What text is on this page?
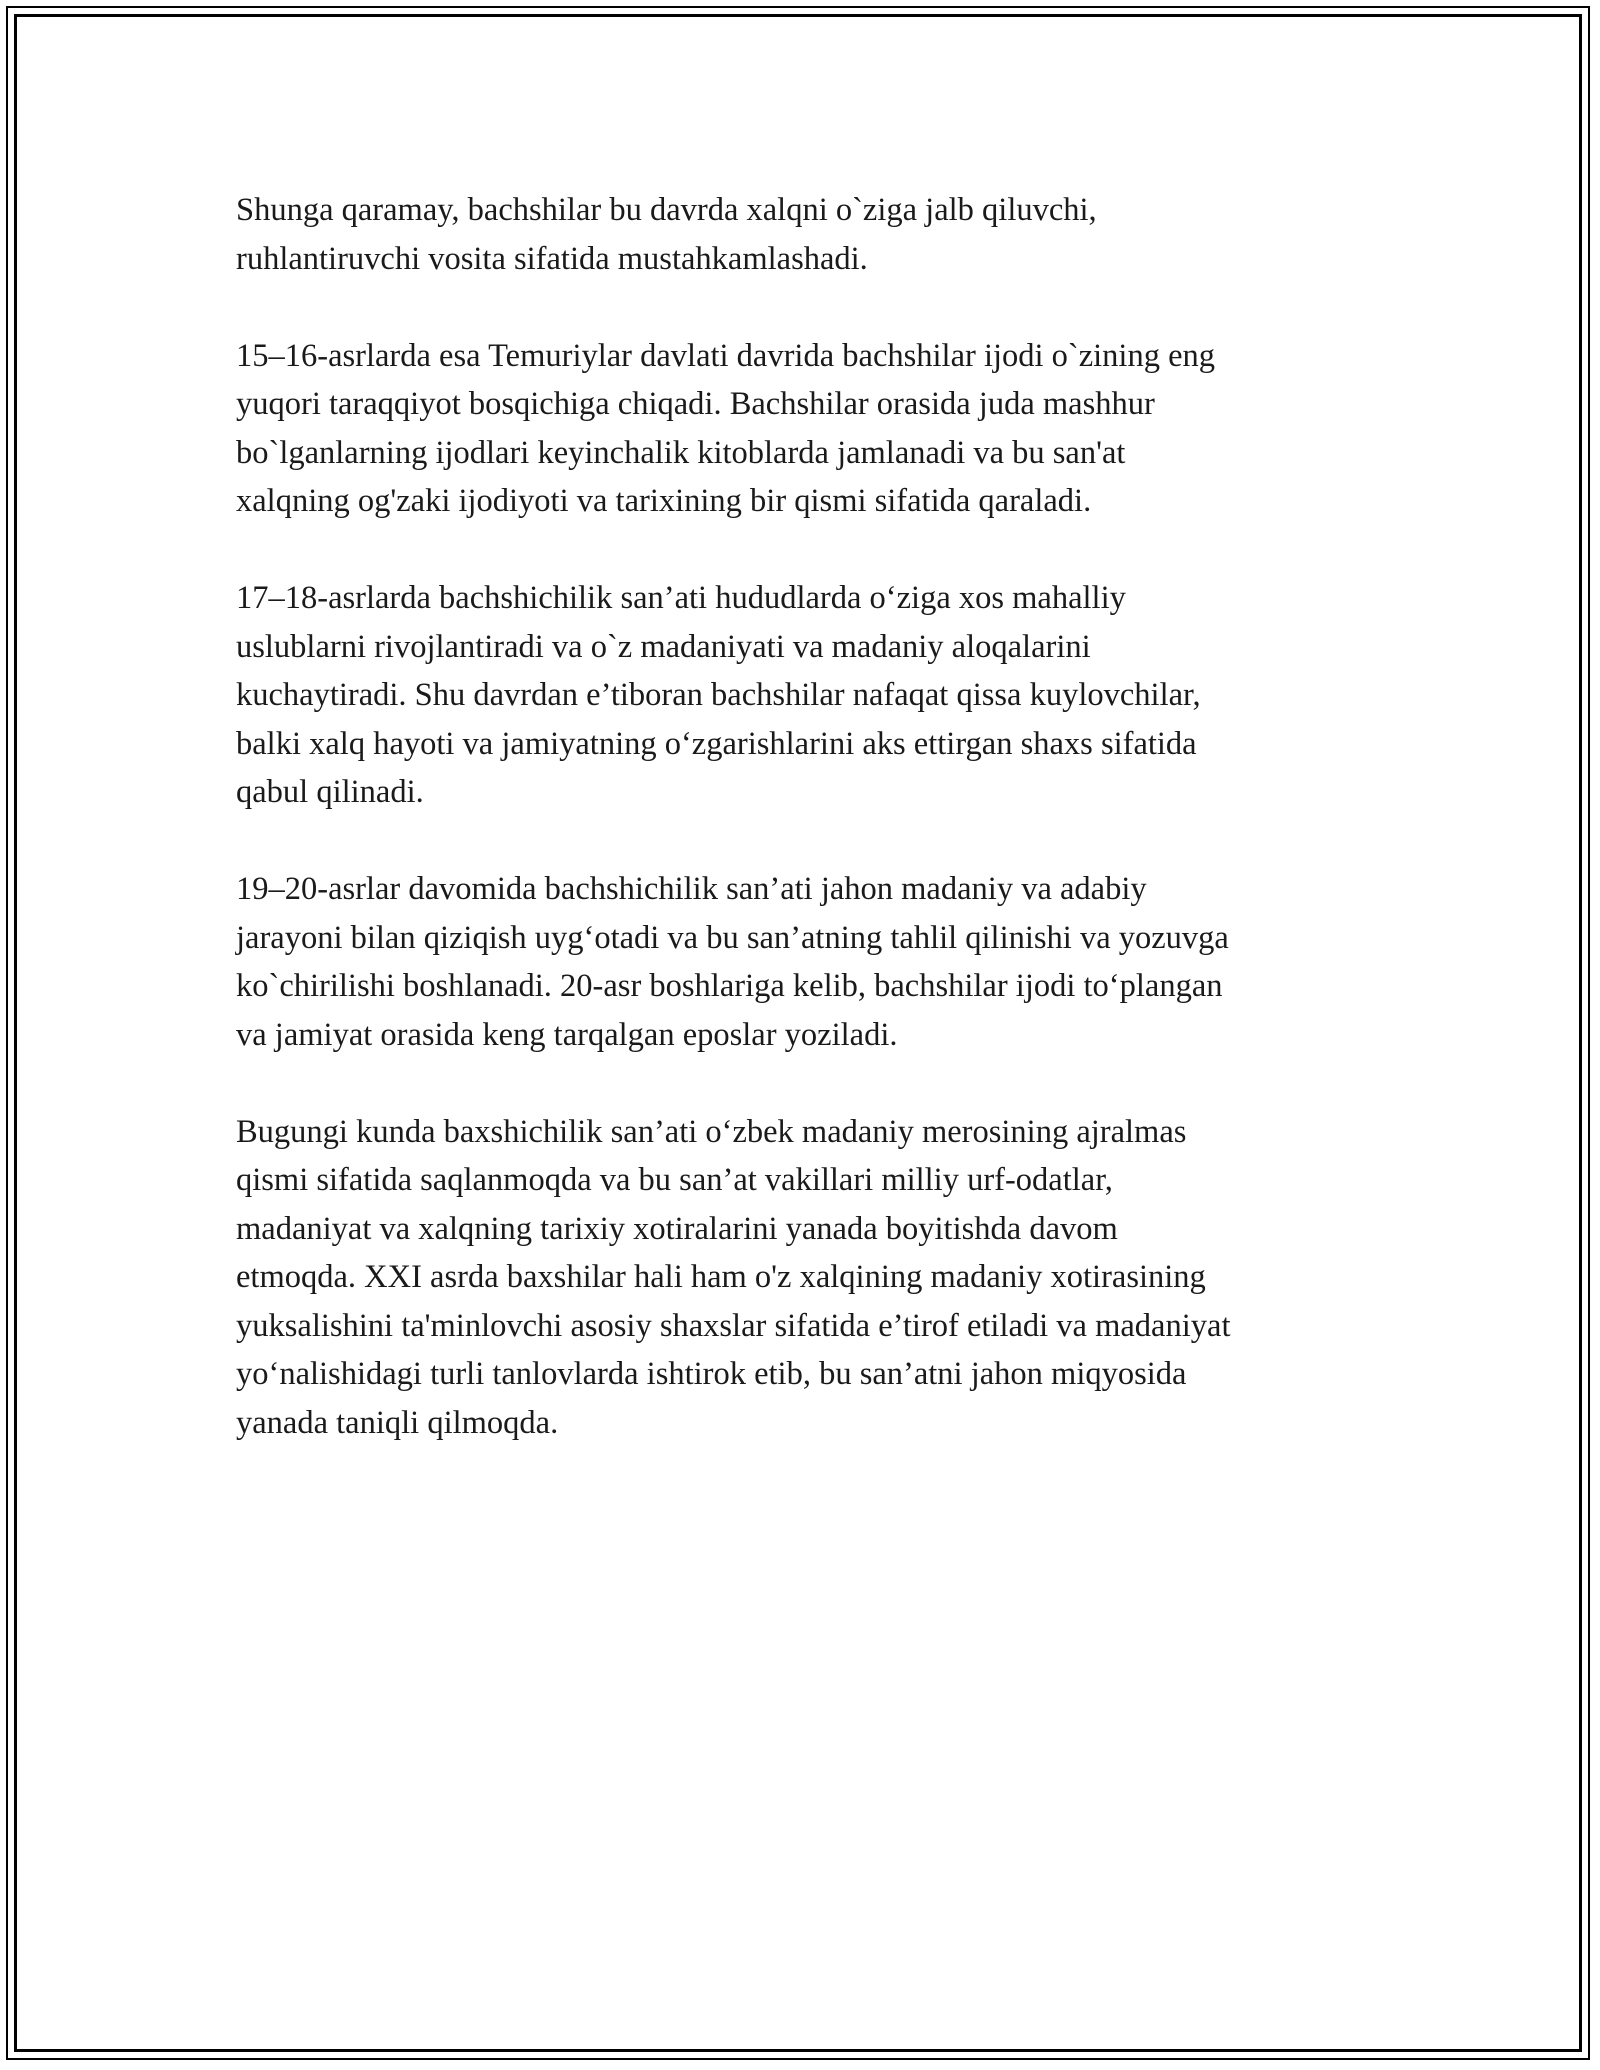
Shunga qaramay, bachshilar bu davrda xalqni o`ziga jalb qiluvchi,
ruhlantiruvchi vosita sifatida mustahkamlashadi.

15–16-asrlarda esa Temuriylar davlati davrida bachshilar ijodi o`zining eng
yuqori taraqqiyot bosqichiga chiqadi. Bachshilar orasida juda mashhur
bo`lganlarning ijodlari keyinchalik kitoblarda jamlanadi va bu san'at
xalqning og'zaki ijodiyoti va tarixining bir qismi sifatida qaraladi.

17–18-asrlarda bachshichilik san’ati hududlarda o‘ziga xos mahalliy
uslublarni rivojlantiradi va o`z madaniyati va madaniy aloqalarini
kuchaytiradi. Shu davrdan e’tiboran bachshilar nafaqat qissa kuylovchilar,
balki xalq hayoti va jamiyatning o‘zgarishlarini aks ettirgan shaxs sifatida
qabul qilinadi.

19–20-asrlar davomida bachshichilik san’ati jahon madaniy va adabiy
jarayoni bilan qiziqish uyg‘otadi va bu san’atning tahlil qilinishi va yozuvga
ko`chirilishi boshlanadi. 20-asr boshlariga kelib, bachshilar ijodi to‘plangan
va jamiyat orasida keng tarqalgan eposlar yoziladi.

Bugungi kunda baxshichilik san’ati o‘zbek madaniy merosining ajralmas
qismi sifatida saqlanmoqda va bu san’at vakillari milliy urf-odatlar,
madaniyat va xalqning tarixiy xotiralarini yanada boyitishda davom
etmoqda. XXI asrda baxshilar hali ham o'z xalqining madaniy xotirasining
yuksalishini ta'minlovchi asosiy shaxslar sifatida e’tirof etiladi va madaniyat
yo‘nalishidagi turli tanlovlarda ishtirok etib, bu san’atni jahon miqyosida
yanada taniqli qilmoqda.
